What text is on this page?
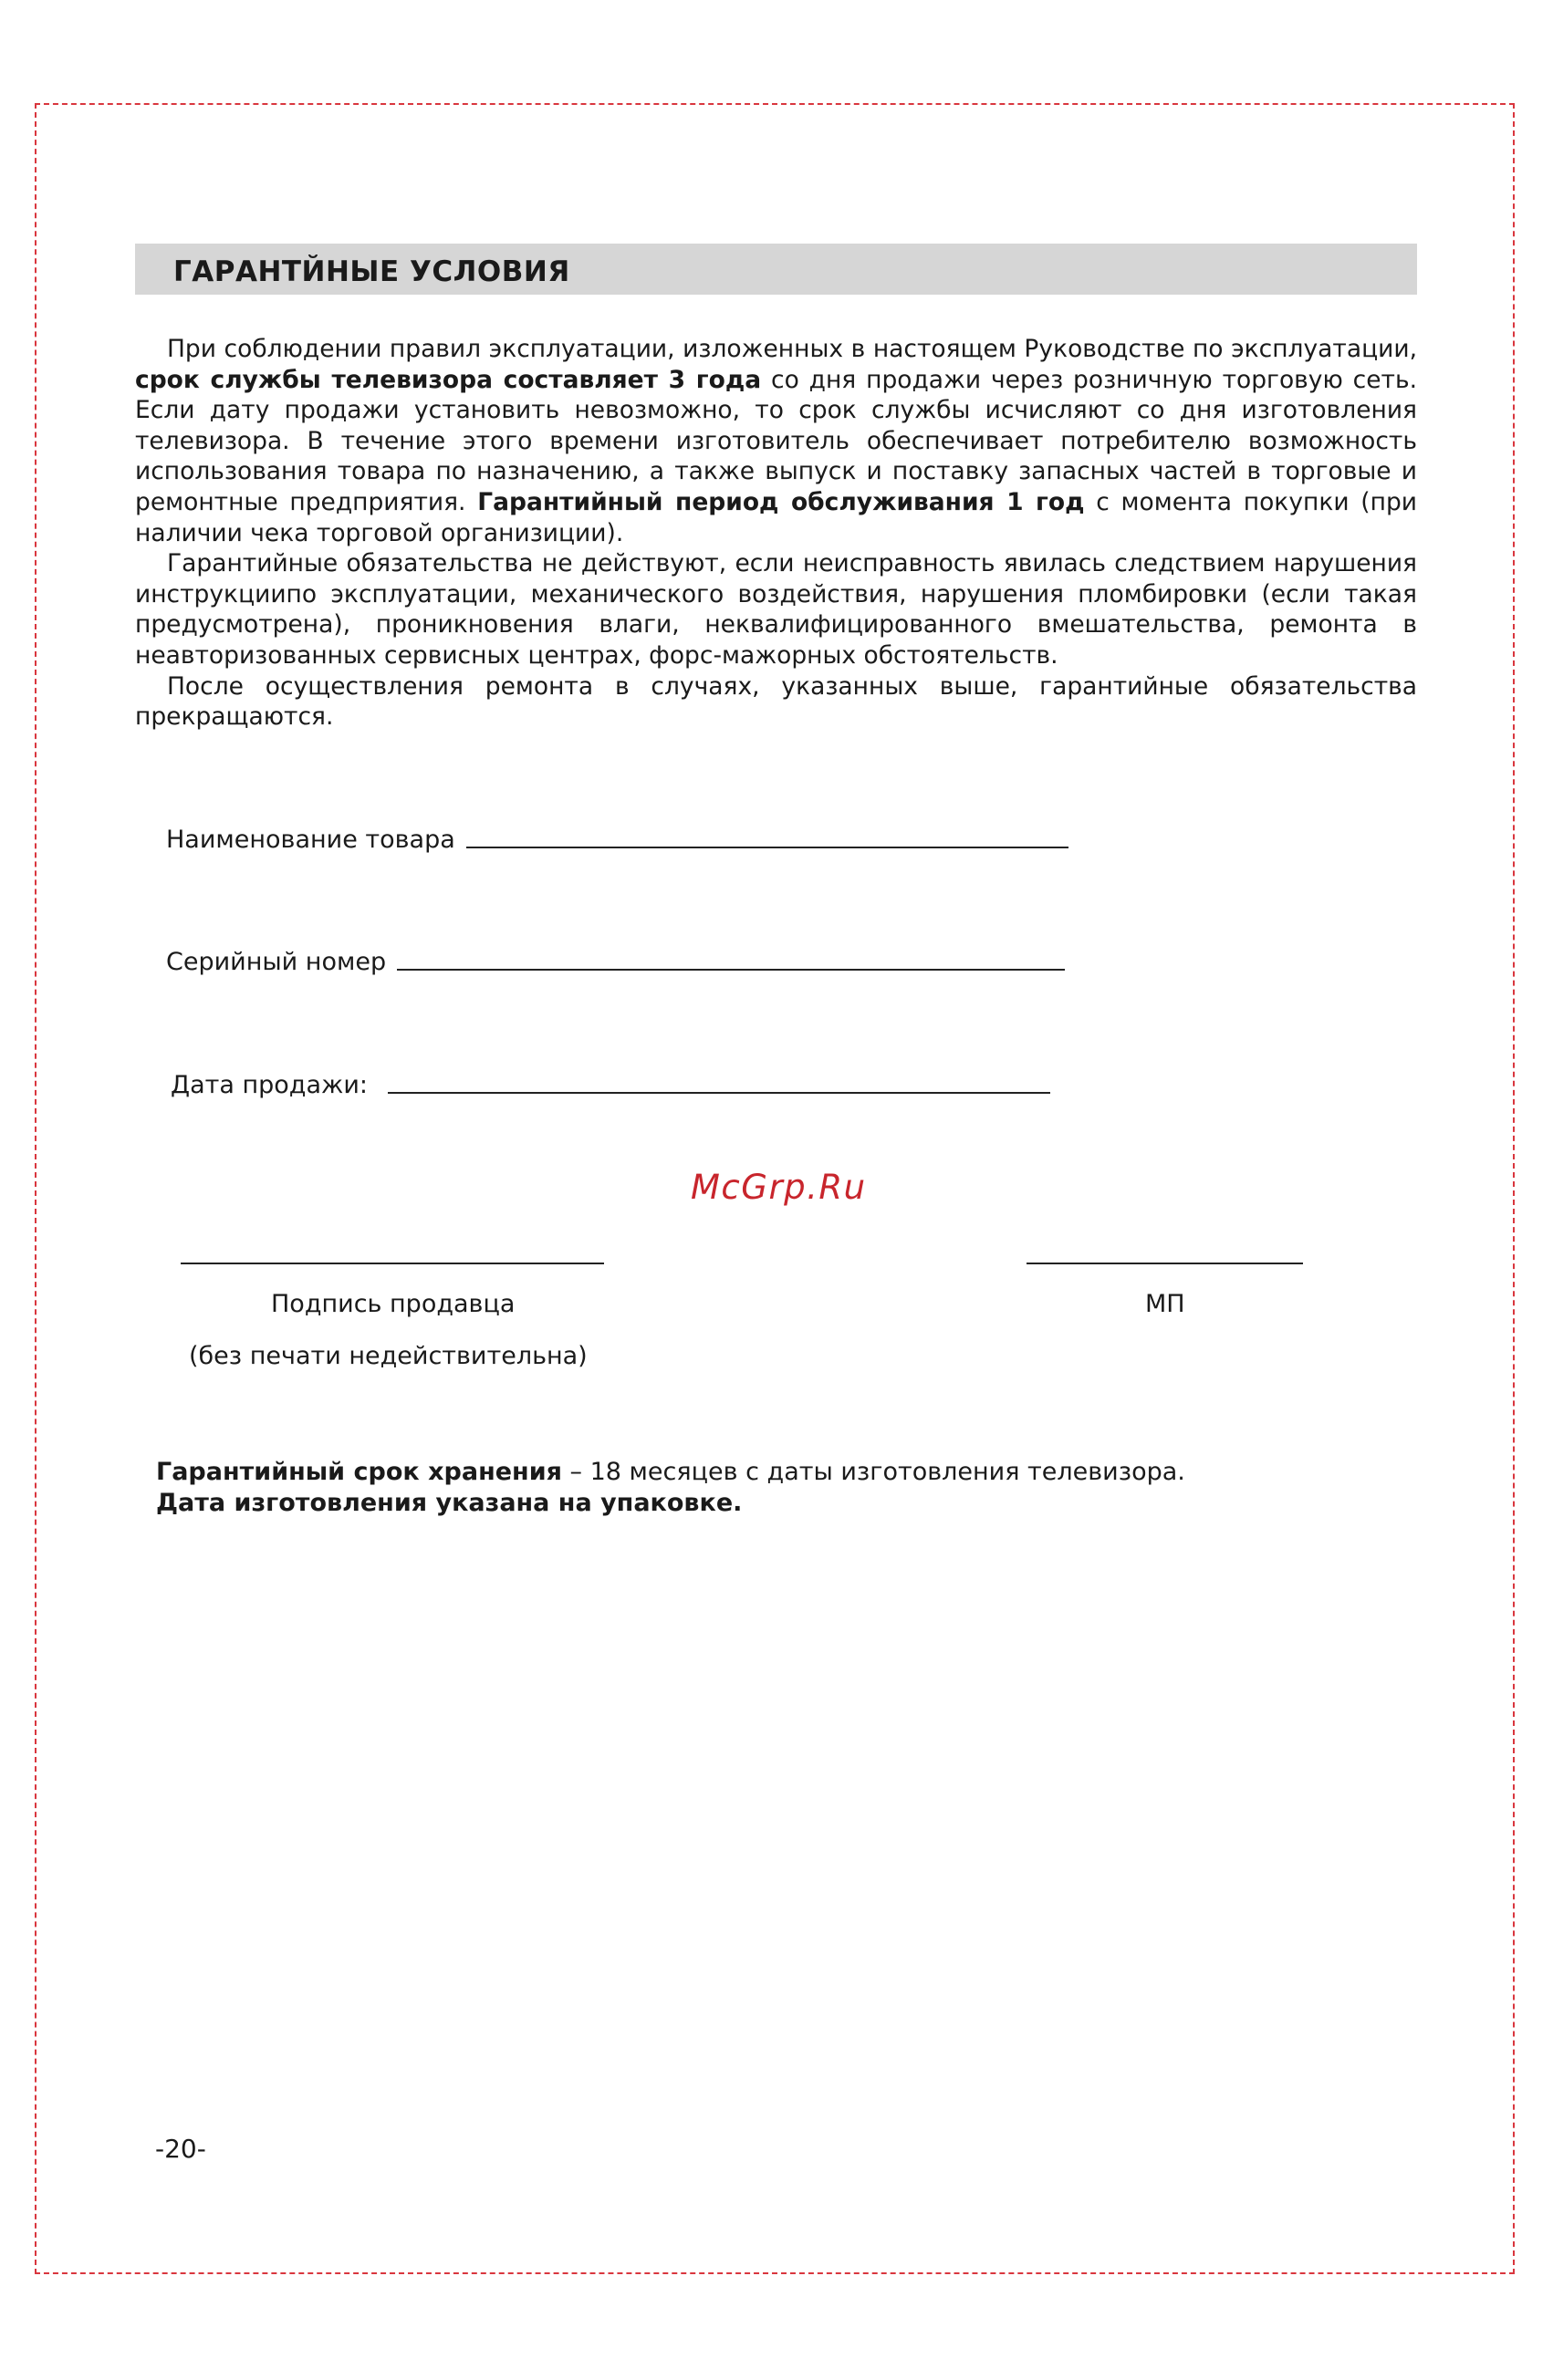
ГАРАНТЙНЫЕ УСЛОВИЯ

При соблюдении правил эксплуатации, изложенных в настоящем Руководстве по эксплуатации, срок службы телевизора составляет 3 года со дня продажи через розничную торговую сеть. Если дату продажи установить невозможно, то срок службы исчисляют со дня изготовления телевизора. В течение этого времени изготовитель обеспечивает потребителю возможность использования товара по назначению, а также выпуск и поставку запасных частей в торговые и ремонтные предприятия. Гарантийный период обслуживания 1 год с момента покупки (при наличии чека торговой организиции).

Гарантийные обязательства не действуют, если неисправность явилась следствием нарушения инструкциипо эксплуатации, механического воздействия, нарушения пломбировки (если такая предусмотрена), проникновения влаги, неквалифицированного вмешательства, ремонта в неавторизованных сервисных центрах, форс-мажорных обстоятельств.

После осуществления ремонта в случаях, указанных выше, гарантийные обязательства прекращаются.

Наименование товара
Серийный номер
Дата продажи:
McGrp.Ru
Подпись продавца	МП
(без печати недействительна)
Гарантийный срок хранения – 18 месяцев с даты изготовления телевизора.
Дата изготовления указана на упаковке.
-20-
